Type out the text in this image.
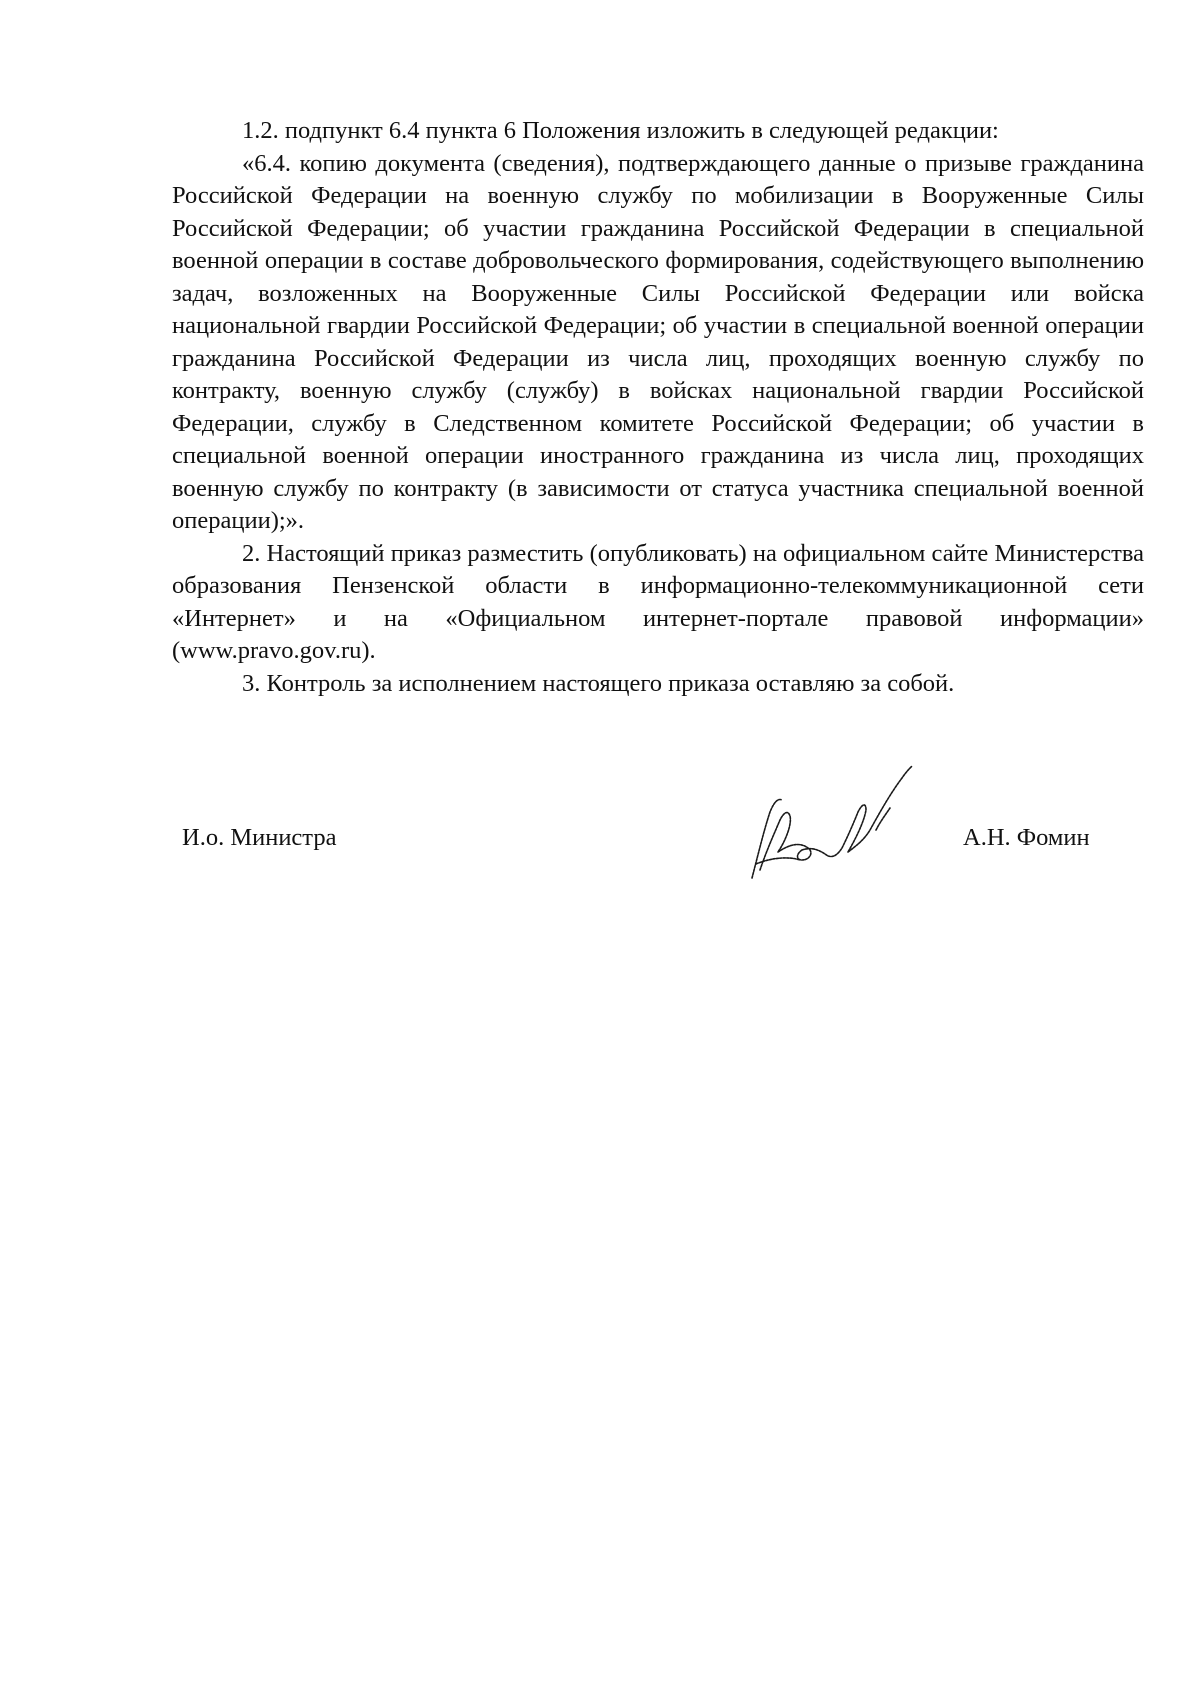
1.2. подпункт 6.4 пункта 6 Положения изложить в следующей редакции:

«6.4. копию документа (сведения), подтверждающего данные о призыве гражданина Российской Федерации на военную службу по мобилизации в Вооруженные Силы Российской Федерации; об участии гражданина Российской Федерации в специальной военной операции в составе добровольческого формирования, содействующего выполнению задач, возложенных на Вооруженные Силы Российской Федерации или войска национальной гвардии Российской Федерации; об участии в специальной военной операции гражданина Российской Федерации из числа лиц, проходящих военную службу по контракту, военную службу (службу) в войсках национальной гвардии Российской Федерации, службу в Следственном комитете Российской Федерации; об участии в специальной военной операции иностранного гражданина из числа лиц, проходящих военную службу по контракту (в зависимости от статуса участника специальной военной операции);».

2. Настоящий приказ разместить (опубликовать) на официальном сайте Министерства образования Пензенской области в информационно-телекоммуникационной сети «Интернет» и на «Официальном интернет-портале правовой информации» (www.pravo.gov.ru).

3. Контроль за исполнением настоящего приказа оставляю за собой.

И.о. Министра	А.Н. Фомин
